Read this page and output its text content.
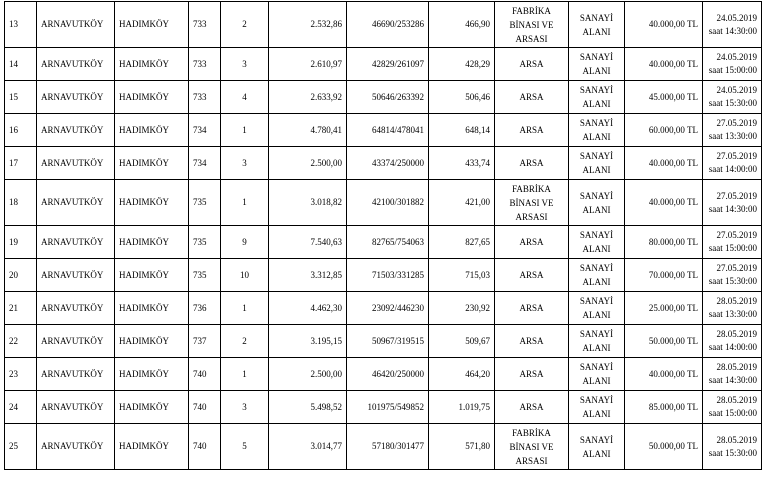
13	ARNAVUTKÖY	HADIMKÖY	733	2	2.532,86	46690/253286	466,90	FABRİKA
BİNASI VE
ARSASI	SANAYİ
ALANI	40.000,00 TL	24.05.2019
saat 14:30:00

14	ARNAVUTKÖY	HADIMKÖY	733	3	2.610,97	42829/261097	428,29	ARSA	SANAYİ
ALANI	40.000,00 TL	24.05.2019
saat 15:00:00

15	ARNAVUTKÖY	HADIMKÖY	733	4	2.633,92	50646/263392	506,46	ARSA	SANAYİ
ALANI	45.000,00 TL	24.05.2019
saat 15:30:00

16	ARNAVUTKÖY	HADIMKÖY	734	1	4.780,41	64814/478041	648,14	ARSA	SANAYİ
ALANI	60.000,00 TL	27.05.2019
saat 13:30:00

17	ARNAVUTKÖY	HADIMKÖY	734	3	2.500,00	43374/250000	433,74	ARSA	SANAYİ
ALANI	40.000,00 TL	27.05.2019
saat 14:00:00

18	ARNAVUTKÖY	HADIMKÖY	735	1	3.018,82	42100/301882	421,00	FABRİKA
BİNASI VE
ARSASI	SANAYİ
ALANI	40.000,00 TL	27.05.2019
saat 14:30:00

19	ARNAVUTKÖY	HADIMKÖY	735	9	7.540,63	82765/754063	827,65	ARSA	SANAYİ
ALANI	80.000,00 TL	27.05.2019
saat 15:00:00

20	ARNAVUTKÖY	HADIMKÖY	735	10	3.312,85	71503/331285	715,03	ARSA	SANAYİ
ALANI	70.000,00 TL	27.05.2019
saat 15:30:00

21	ARNAVUTKÖY	HADIMKÖY	736	1	4.462,30	23092/446230	230,92	ARSA	SANAYİ
ALANI	25.000,00 TL	28.05.2019
saat 13:30:00

22	ARNAVUTKÖY	HADIMKÖY	737	2	3.195,15	50967/319515	509,67	ARSA	SANAYİ
ALANI	50.000,00 TL	28.05.2019
saat 14:00:00

23	ARNAVUTKÖY	HADIMKÖY	740	1	2.500,00	46420/250000	464,20	ARSA	SANAYİ
ALANI	40.000,00 TL	28.05.2019
saat 14:30:00

24	ARNAVUTKÖY	HADIMKÖY	740	3	5.498,52	101975/549852	1.019,75	ARSA	SANAYİ
ALANI	85.000,00 TL	28.05.2019
saat 15:00:00

25	ARNAVUTKÖY	HADIMKÖY	740	5	3.014,77	57180/301477	571,80	FABRİKA
BİNASI VE
ARSASI	SANAYİ
ALANI	50.000,00 TL	28.05.2019
saat 15:30:00
